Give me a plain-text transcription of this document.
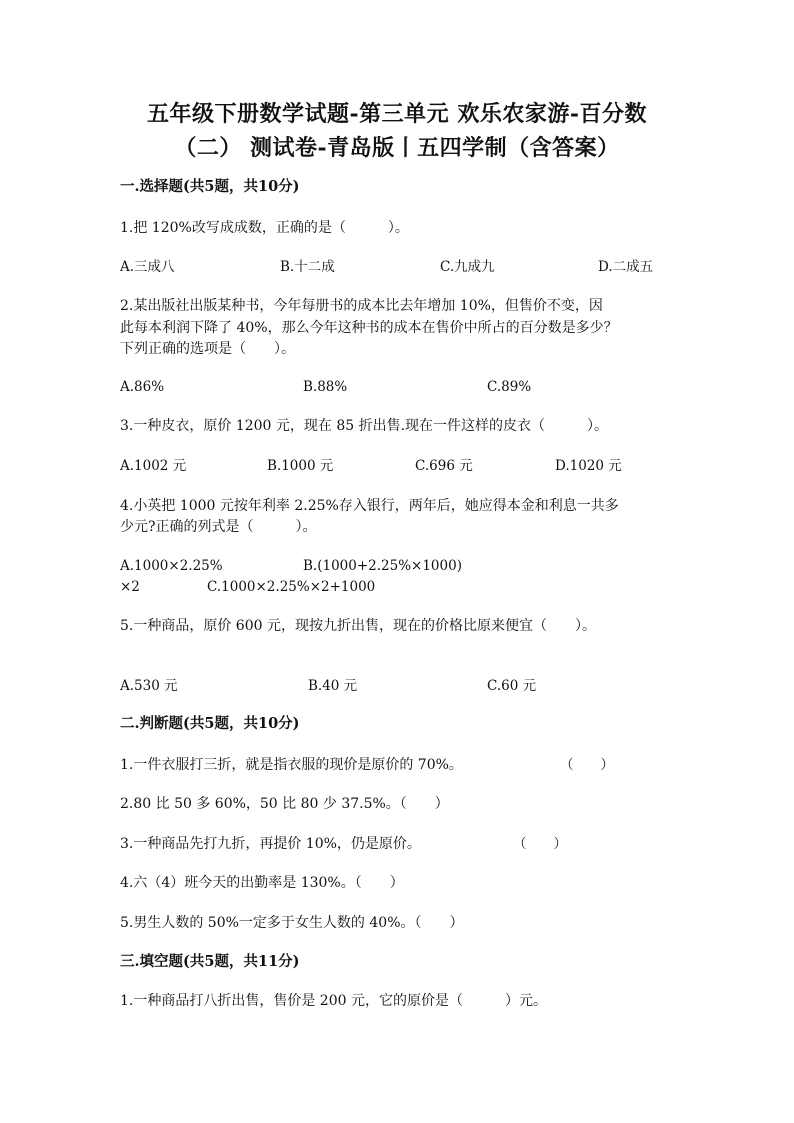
五年级下册数学试题-第三单元 欢乐农家游-百分数
（二） 测试卷-青岛版丨五四学制（含答案）
一.选择题(共5题，共10分)
1.把 120%改写成成数，正确的是（　　　）。
A.三成八	B.十二成	C.九成九	D.二成五
2.某出版社出版某种书，今年每册书的成本比去年增加 10%，但售价不变，因
此每本利润下降了 40%，那么今年这种书的成本在售价中所占的百分数是多少？
下列正确的选项是（　　）。
A.86%	B.88%	C.89%
3.一种皮衣，原价 1200 元，现在 85 折出售.现在一件这样的皮衣（　　　）。
A.1002 元	B.1000 元	C.696 元	D.1020 元
4.小英把 1000 元按年利率 2.25%存入银行，两年后，她应得本金和利息一共多
少元?正确的列式是（　　　）。
A.1000×2.25%	B.(1000+2.25%×1000)
×2	C.1000×2.25%×2+1000
5.一种商品，原价 600 元，现按九折出售，现在的价格比原来便宜（　　）。
A.530 元	B.40 元	C.60 元
二.判断题(共5题，共10分)
1.一件衣服打三折，就是指衣服的现价是原价的 70%。	（　　）
2.80 比 50 多 60%，50 比 80 少 37.5%。（　　）
3.一种商品先打九折，再提价 10%，仍是原价。	（　　）
4.六（4）班今天的出勤率是 130%。（　　）
5.男生人数的 50%一定多于女生人数的 40%。（　　）
三.填空题(共5题，共11分)
1.一种商品打八折出售，售价是 200 元，它的原价是（　　　）元。
